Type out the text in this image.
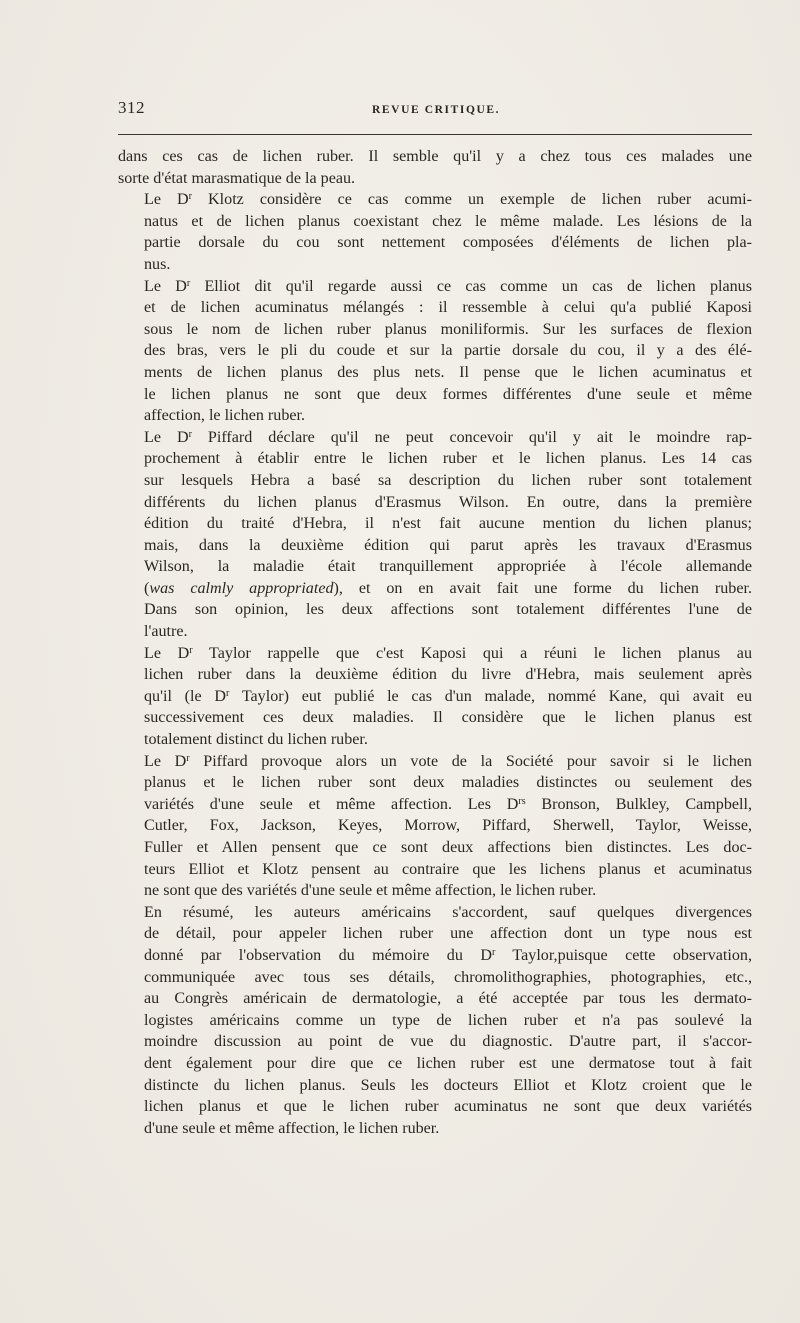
312	REVUE CRITIQUE.

dans ces cas de lichen ruber. Il semble qu'il y a chez tous ces malades une
sorte d'état marasmatique de la peau.

Le $D^r$ Klotz considère ce cas comme un exemple de lichen ruber acumi-
natus et de lichen planus coexistant chez le même malade. Les lésions de la
partie dorsale du cou sont nettement composées d'éléments de lichen pla-
nus.

Le $D^r$ Elliot dit qu'il regarde aussi ce cas comme un cas de lichen planus
et de lichen acuminatus mélangés : il ressemble à celui qu'a publié Kaposi
sous le nom de lichen ruber planus moniliformis. Sur les surfaces de flexion
des bras, vers le pli du coude et sur la partie dorsale du cou, il y a des élé-
ments de lichen planus des plus nets. Il pense que le lichen acuminatus et
le lichen planus ne sont que deux formes différentes d'une seule et même
affection, le lichen ruber.

Le $D^r$ Piffard déclare qu'il ne peut concevoir qu'il y ait le moindre rap-
prochement à établir entre le lichen ruber et le lichen planus. Les 14 cas
sur lesquels Hebra a basé sa description du lichen ruber sont totalement
différents du lichen planus d'Erasmus Wilson. En outre, dans la première
édition du traité d'Hebra, il n'est fait aucune mention du lichen planus;
mais, dans la deuxième édition qui parut après les travaux d'Erasmus
Wilson, la maladie était tranquillement appropriée à l'école allemande
(was calmly appropriated), et on en avait fait une forme du lichen ruber.
Dans son opinion, les deux affections sont totalement différentes l'une de
l'autre.

Le $D^r$ Taylor rappelle que c'est Kaposi qui a réuni le lichen planus au
lichen ruber dans la deuxième édition du livre d'Hebra, mais seulement après
qu'il (le $D^r$ Taylor) eut publié le cas d'un malade, nommé Kane, qui avait eu
successivement ces deux maladies. Il considère que le lichen planus est
totalement distinct du lichen ruber.

Le $D^r$ Piffard provoque alors un vote de la Société pour savoir si le lichen
planus et le lichen ruber sont deux maladies distinctes ou seulement des
variétés d'une seule et même affection. Les $D^{rs}$ Bronson, Bulkley, Campbell,
Cutler, Fox, Jackson, Keyes, Morrow, Piffard, Sherwell, Taylor, Weisse,
Fuller et Allen pensent que ce sont deux affections bien distinctes. Les doc-
teurs Elliot et Klotz pensent au contraire que les lichens planus et acuminatus
ne sont que des variétés d'une seule et même affection, le lichen ruber.

En résumé, les auteurs américains s'accordent, sauf quelques divergences
de détail, pour appeler lichen ruber une affection dont un type nous est
donné par l'observation du mémoire du $D^r$ Taylor,puisque cette observation,
communiquée avec tous ses détails, chromolithographies, photographies, etc.,
au Congrès américain de dermatologie, a été acceptée par tous les dermato-
logistes américains comme un type de lichen ruber et n'a pas soulevé la
moindre discussion au point de vue du diagnostic. D'autre part, il s'accor-
dent également pour dire que ce lichen ruber est une dermatose tout à fait
distincte du lichen planus. Seuls les docteurs Elliot et Klotz croient que le
lichen planus et que le lichen ruber acuminatus ne sont que deux variétés
d'une seule et même affection, le lichen ruber.
